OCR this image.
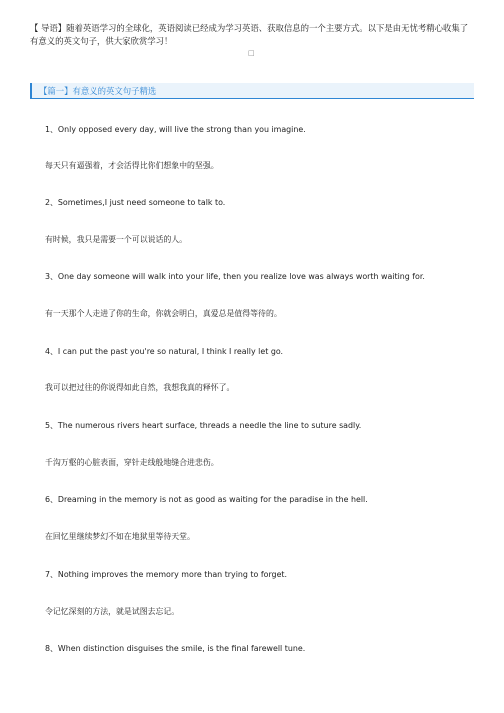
【 导语】随着英语学习的全球化，英语阅读已经成为学习英语、获取信息的一个主要方式。以下是由无忧考精心收集了有意义的英文句子，供大家欣赏学习！
□
【篇一】有意义的英文句子精选
1、Only opposed every day, will live the strong than you imagine.
每天只有逼强着，才会活得比你们想象中的坚强。
2、Sometimes,I just need someone to talk to.
有时候，我只是需要一个可以说话的人。
3、One day someone will walk into your life, then you realize love was always worth waiting for.
有一天那个人走进了你的生命，你就会明白，真爱总是值得等待的。
4、I can put the past you're so natural, I think I really let go.
我可以把过往的你说得如此自然，我想我真的释怀了。
5、The numerous rivers heart surface, threads a needle the line to suture sadly.
千沟万壑的心脏表面，穿针走线般地缝合进悲伤。
6、Dreaming in the memory is not as good as waiting for the paradise in the hell.
在回忆里继续梦幻不如在地狱里等待天堂。
7、Nothing improves the memory more than trying to forget.
令记忆深刻的方法，就是试图去忘记。
8、When distinction disguises the smile, is the final farewell tune.
